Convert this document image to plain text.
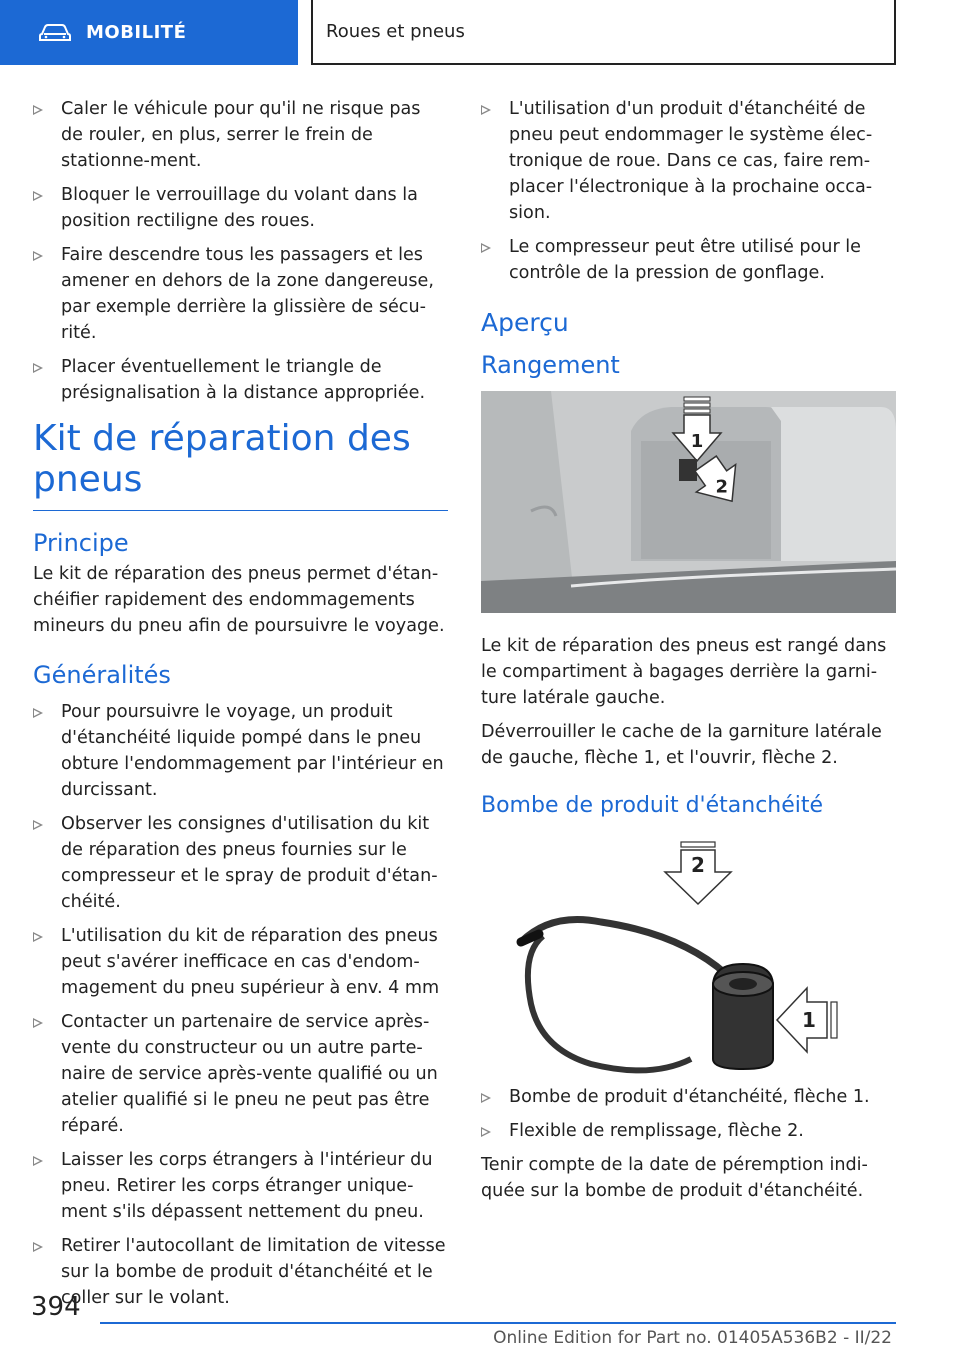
MOBILITÉ	Roues et pneus
Caler le véhicule pour qu'il ne risque pas de rouler, en plus, serrer le frein de stationne-ment.
Bloquer le verrouillage du volant dans la position rectiligne des roues.
Faire descendre tous les passagers et les amener en dehors de la zone dangereuse, par exemple derrière la glissière de sécu-rité.
Placer éventuellement le triangle de présignalisation à la distance appropriée.
Kit de réparation des pneus
Principe

Le kit de réparation des pneus permet d'étan-chéifier rapidement des endommagements mineurs du pneu afin de poursuivre le voyage.

Généralités
Pour poursuivre le voyage, un produit d'étanchéité liquide pompé dans le pneu obture l'endommagement par l'intérieur en durcissant.
Observer les consignes d'utilisation du kit de réparation des pneus fournies sur le compresseur et le spray de produit d'étan-chéité.
L'utilisation du kit de réparation des pneus peut s'avérer inefficace en cas d'endom-magement du pneu supérieur à env. 4 mm
Contacter un partenaire de service après-vente du constructeur ou un autre parte-naire de service après-vente qualifié ou un atelier qualifié si le pneu ne peut pas être réparé.
Laisser les corps étrangers à l'intérieur du pneu. Retirer les corps étranger unique-ment s'ils dépassent nettement du pneu.
Retirer l'autocollant de limitation de vitesse sur la bombe de produit d'étanchéité et le coller sur le volant.
L'utilisation d'un produit d'étanchéité de pneu peut endommager le système élec-tronique de roue. Dans ce cas, faire rem-placer l'électronique à la prochaine occa-sion.
Le compresseur peut être utilisé pour le contrôle de la pression de gonflage.
Aperçu
Rangement
1
2

Le kit de réparation des pneus est rangé dans le compartiment à bagages derrière la garni-ture latérale gauche.

Déverrouiller le cache de la garniture latérale de gauche, flèche 1, et l'ouvrir, flèche 2.

Bombe de produit d'étanchéité
2
1
Bombe de produit d'étanchéité, flèche 1.
Flexible de remplissage, flèche 2.

Tenir compte de la date de péremption indi-quée sur la bombe de produit d'étanchéité.

394
Online Edition for Part no. 01405A536B2 - II/22
